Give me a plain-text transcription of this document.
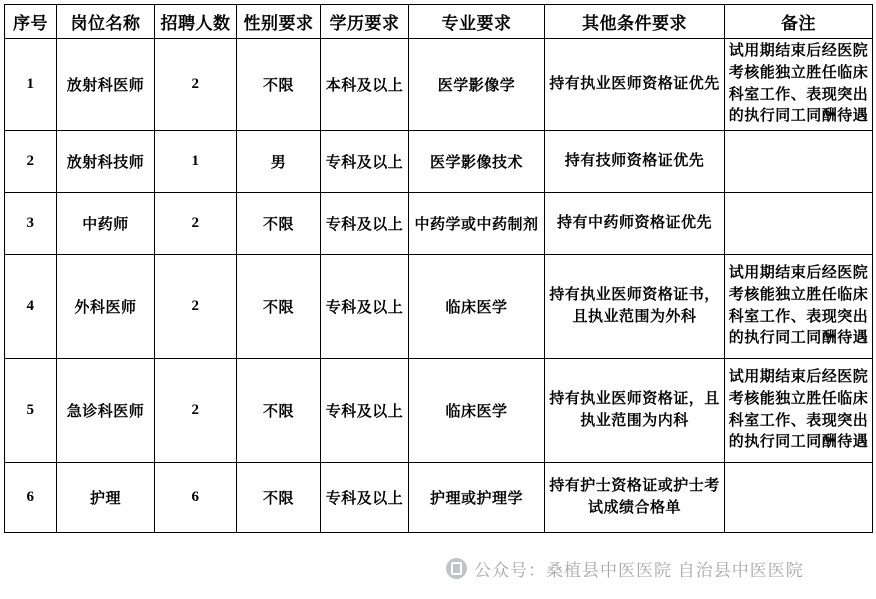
序号	岗位名称	招聘人数	性别要求	学历要求	专业要求	其他条件要求	备注
1	放射科医师	2	不限	本科及以上	医学影像学	持有执业医师资格证优先	试用期结束后经医院考核能独立胜任临床科室工作、表现突出的执行同工同酬待遇
2	放射科技师	1	男	专科及以上	医学影像技术	持有技师资格证优先	
3	中药师	2	不限	专科及以上	中药学或中药制剂	持有中药师资格证优先	
4	外科医师	2	不限	专科及以上	临床医学	持有执业医师资格证书，且执业范围为外科	试用期结束后经医院考核能独立胜任临床科室工作、表现突出的执行同工同酬待遇
5	急诊科医师	2	不限	专科及以上	临床医学	持有执业医师资格证，且执业范围为内科	试用期结束后经医院考核能独立胜任临床科室工作、表现突出的执行同工同酬待遇
6	护理	6	不限	专科及以上	护理或护理学	持有护士资格证或护士考试成绩合格单	
公众号：桑植县中医医院 自治县中医医院
